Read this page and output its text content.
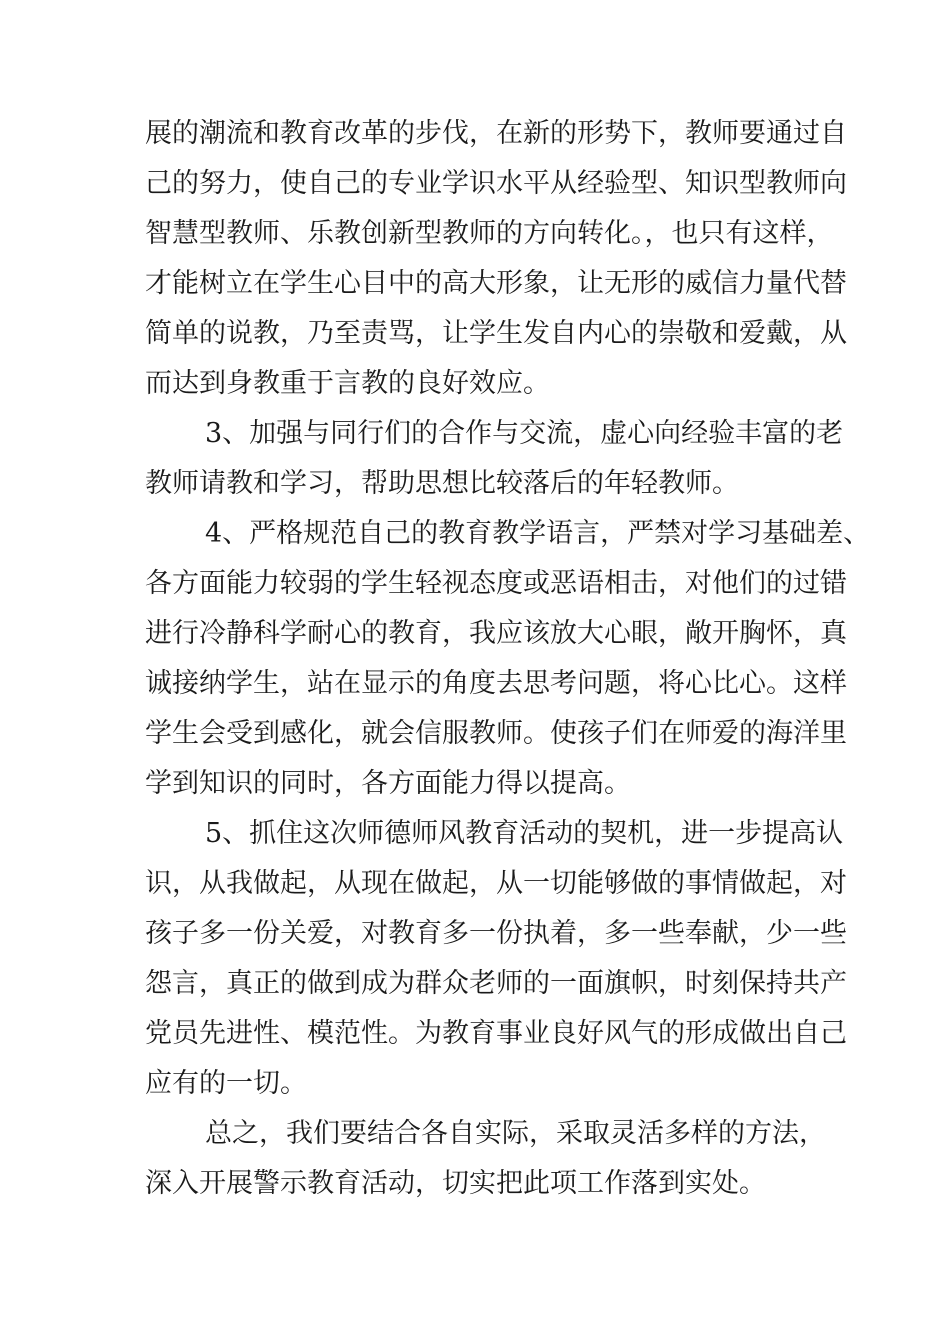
展的潮流和教育改革的步伐，在新的形势下，教师要通过自
己的努力，使自己的专业学识水平从经验型、知识型教师向
智慧型教师、乐教创新型教师的方向转化。，也只有这样，
才能树立在学生心目中的高大形象，让无形的威信力量代替
简单的说教，乃至责骂，让学生发自内心的崇敬和爱戴，从
而达到身教重于言教的良好效应。
3、加强与同行们的合作与交流，虚心向经验丰富的老
教师请教和学习，帮助思想比较落后的年轻教师。
4、严格规范自己的教育教学语言，严禁对学习基础差、
各方面能力较弱的学生轻视态度或恶语相击，对他们的过错
进行冷静科学耐心的教育，我应该放大心眼，敞开胸怀，真
诚接纳学生，站在显示的角度去思考问题，将心比心。这样
学生会受到感化，就会信服教师。使孩子们在师爱的海洋里
学到知识的同时，各方面能力得以提高。
5、抓住这次师德师风教育活动的契机，进一步提高认
识，从我做起，从现在做起，从一切能够做的事情做起，对
孩子多一份关爱，对教育多一份执着，多一些奉献，少一些
怨言，真正的做到成为群众老师的一面旗帜，时刻保持共产
党员先进性、模范性。为教育事业良好风气的形成做出自己
应有的一切。
总之，我们要结合各自实际，采取灵活多样的方法，
深入开展警示教育活动，切实把此项工作落到实处。
